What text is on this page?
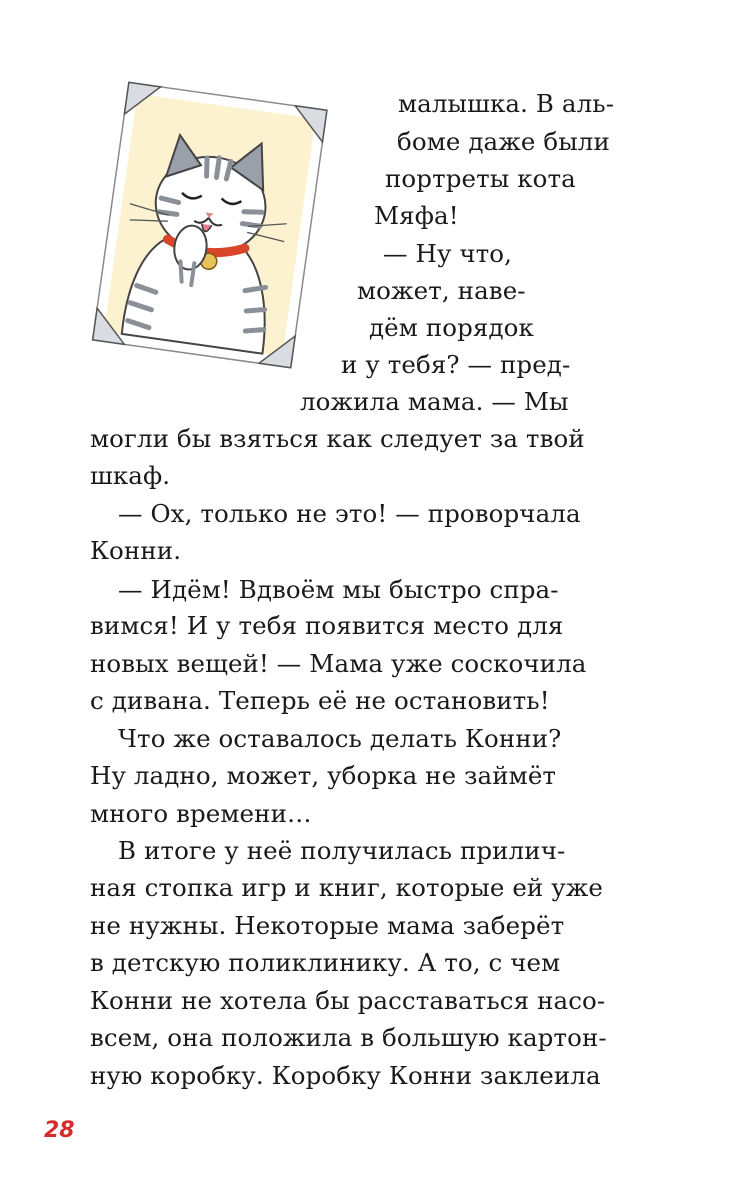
малышка. В аль-
боме даже были
портреты кота
Мяфа!
— Ну что,
может, наве-
дём порядок
и у тебя? — пред-
ложила мама. — Мы
могли бы взяться как следует за твой
шкаф.
— Ох, только не это! — проворчала
Конни.
— Идём! Вдвоём мы быстро спра-
вимся! И у тебя появится место для
новых вещей! — Мама уже соскочила
с дивана. Теперь её не остановить!
Что же оставалось делать Конни?
Ну ладно, может, уборка не займёт
много времени…
В итоге у неё получилась прилич-
ная стопка игр и книг, которые ей уже
не нужны. Некоторые мама заберёт
в детскую поликлинику. А то, с чем
Конни не хотела бы расставаться насо-
всем, она положила в большую картон-
ную коробку. Коробку Конни заклеила
28
